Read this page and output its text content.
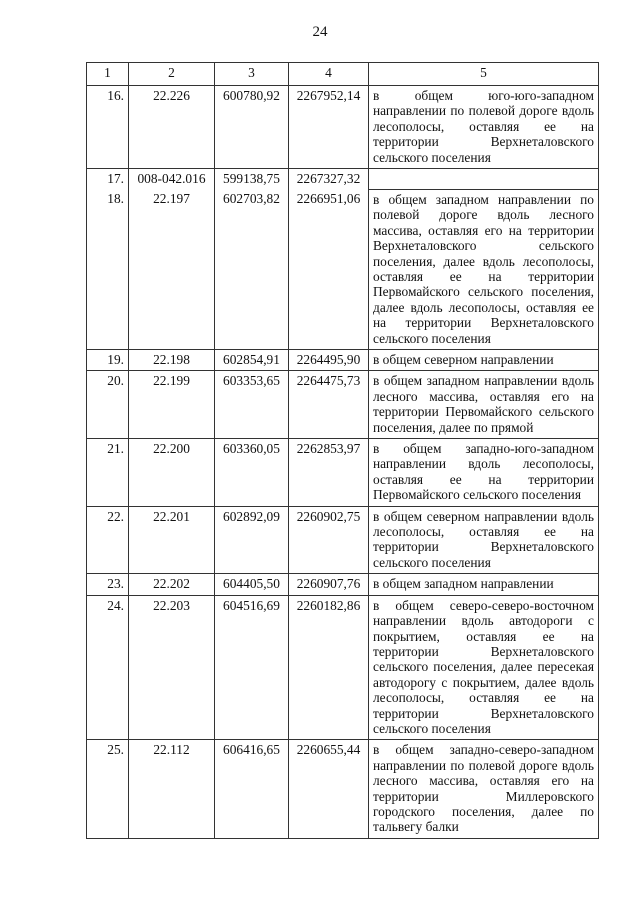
24
1	2	3	4	5
16.	22.226	600780,92	2267952,14	в общем юго-юго-западном направлении по полевой дороге вдоль лесополосы, оставляя ее на территории Верхнеталовского сельского поселения
17.	008-042.016	599138,75	2267327,32	
18.	22.197	602703,82	2266951,06	в общем западном направлении по полевой дороге вдоль лесного массива, оставляя его на территории Верхнеталовского сельского поселения, далее вдоль лесополосы, оставляя ее на территории Первомайского сельского поселения, далее вдоль лесополосы, оставляя ее на территории Верхнеталовского сельского поселения
19.	22.198	602854,91	2264495,90	в общем северном направлении
20.	22.199	603353,65	2264475,73	в общем западном направлении вдоль лесного массива, оставляя его на территории Первомайского сельского поселения, далее по прямой
21.	22.200	603360,05	2262853,97	в общем западно-юго-западном направлении вдоль лесополосы, оставляя ее на территории Первомайского сельского поселения
22.	22.201	602892,09	2260902,75	в общем северном направлении вдоль лесополосы, оставляя ее на территории Верхнеталовского сельского поселения
23.	22.202	604405,50	2260907,76	в общем западном направлении
24.	22.203	604516,69	2260182,86	в общем северо-северо-восточном направлении вдоль автодороги с покрытием, оставляя ее на территории Верхнеталовского сельского поселения, далее пересекая автодорогу с покрытием, далее вдоль лесополосы, оставляя ее на территории Верхнеталовского сельского поселения
25.	22.112	606416,65	2260655,44	в общем западно-северо-западном направлении по полевой дороге вдоль лесного массива, оставляя его на территории Миллеровского городского поселения, далее по тальвегу балки
